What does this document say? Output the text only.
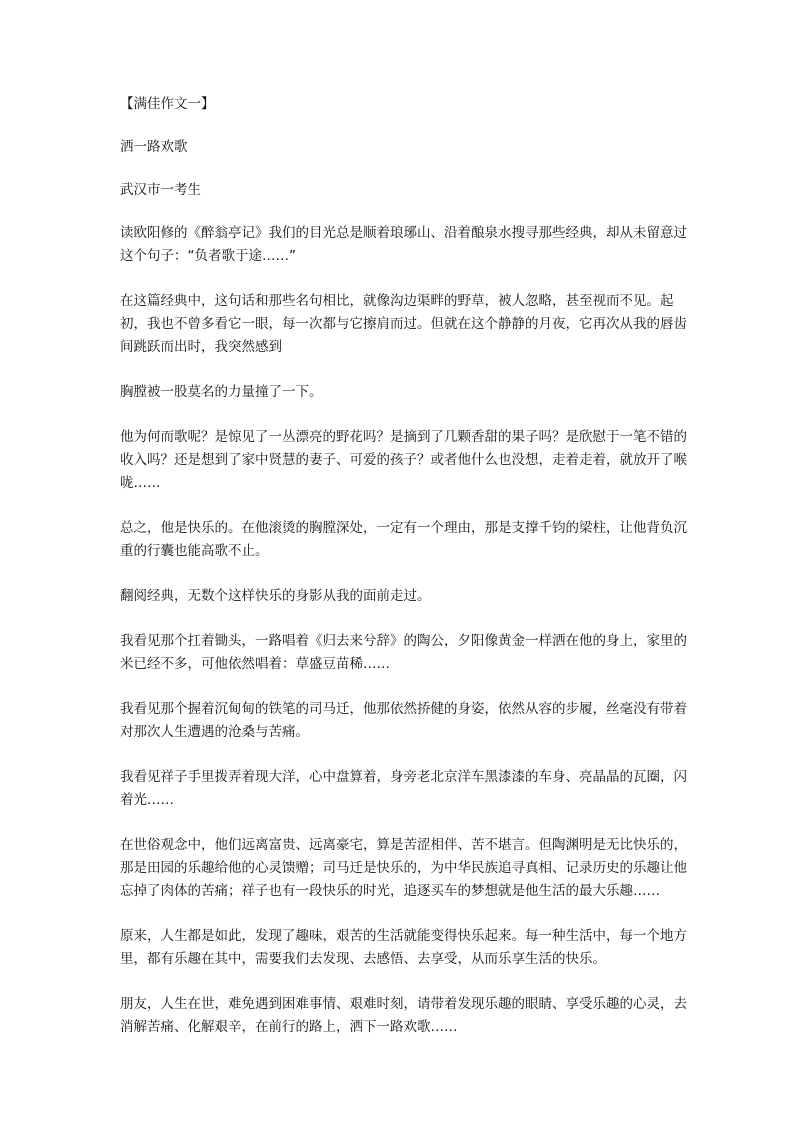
【满佳作文一】

洒一路欢歌

武汉市一考生

读欧阳修的《醉翁亭记》我们的目光总是顺着琅琊山、沿着酿泉水搜寻那些经典，却从未留意过这个句子：“负者歌于途……”

在这篇经典中，这句话和那些名句相比，就像沟边渠畔的野草，被人忽略，甚至视而不见。起初，我也不曾多看它一眼，每一次都与它擦肩而过。但就在这个静静的月夜，它再次从我的唇齿间跳跃而出时，我突然感到

胸膛被一股莫名的力量撞了一下。

他为何而歌呢？是惊见了一丛漂亮的野花吗？是摘到了几颗香甜的果子吗？是欣慰于一笔不错的收入吗？还是想到了家中贤慧的妻子、可爱的孩子？或者他什么也没想，走着走着，就放开了喉咙……

总之，他是快乐的。在他滚烫的胸膛深处，一定有一个理由，那是支撑千钧的梁柱，让他背负沉重的行囊也能高歌不止。

翻阅经典，无数个这样快乐的身影从我的面前走过。

我看见那个扛着锄头，一路唱着《归去来兮辞》的陶公，夕阳像黄金一样洒在他的身上，家里的米已经不多，可他依然唱着：草盛豆苗稀……

我看见那个握着沉甸甸的铁笔的司马迁，他那依然挢健的身姿，依然从容的步履，丝毫没有带着对那次人生遭遇的沧桑与苦痛。

我看见祥子手里拨弄着现大洋，心中盘算着，身旁老北京洋车黑漆漆的车身、亮晶晶的瓦圈，闪着光……

在世俗观念中，他们远离富贵、远离豪宅，算是苦涩相伴、苦不堪言。但陶渊明是无比快乐的，那是田园的乐趣给他的心灵馈赠；司马迁是快乐的，为中华民族追寻真相、记录历史的乐趣让他忘掉了肉体的苦痛；祥子也有一段快乐的时光，追逐买车的梦想就是他生活的最大乐趣……

原来，人生都是如此，发现了趣味，艰苦的生活就能变得快乐起来。每一种生活中，每一个地方里，都有乐趣在其中，需要我们去发现、去感悟、去享受，从而乐享生活的快乐。

朋友，人生在世，难免遇到困难事情、艰难时刻，请带着发现乐趣的眼睛、享受乐趣的心灵，去消解苦痛、化解艰辛，在前行的路上，洒下一路欢歌……
